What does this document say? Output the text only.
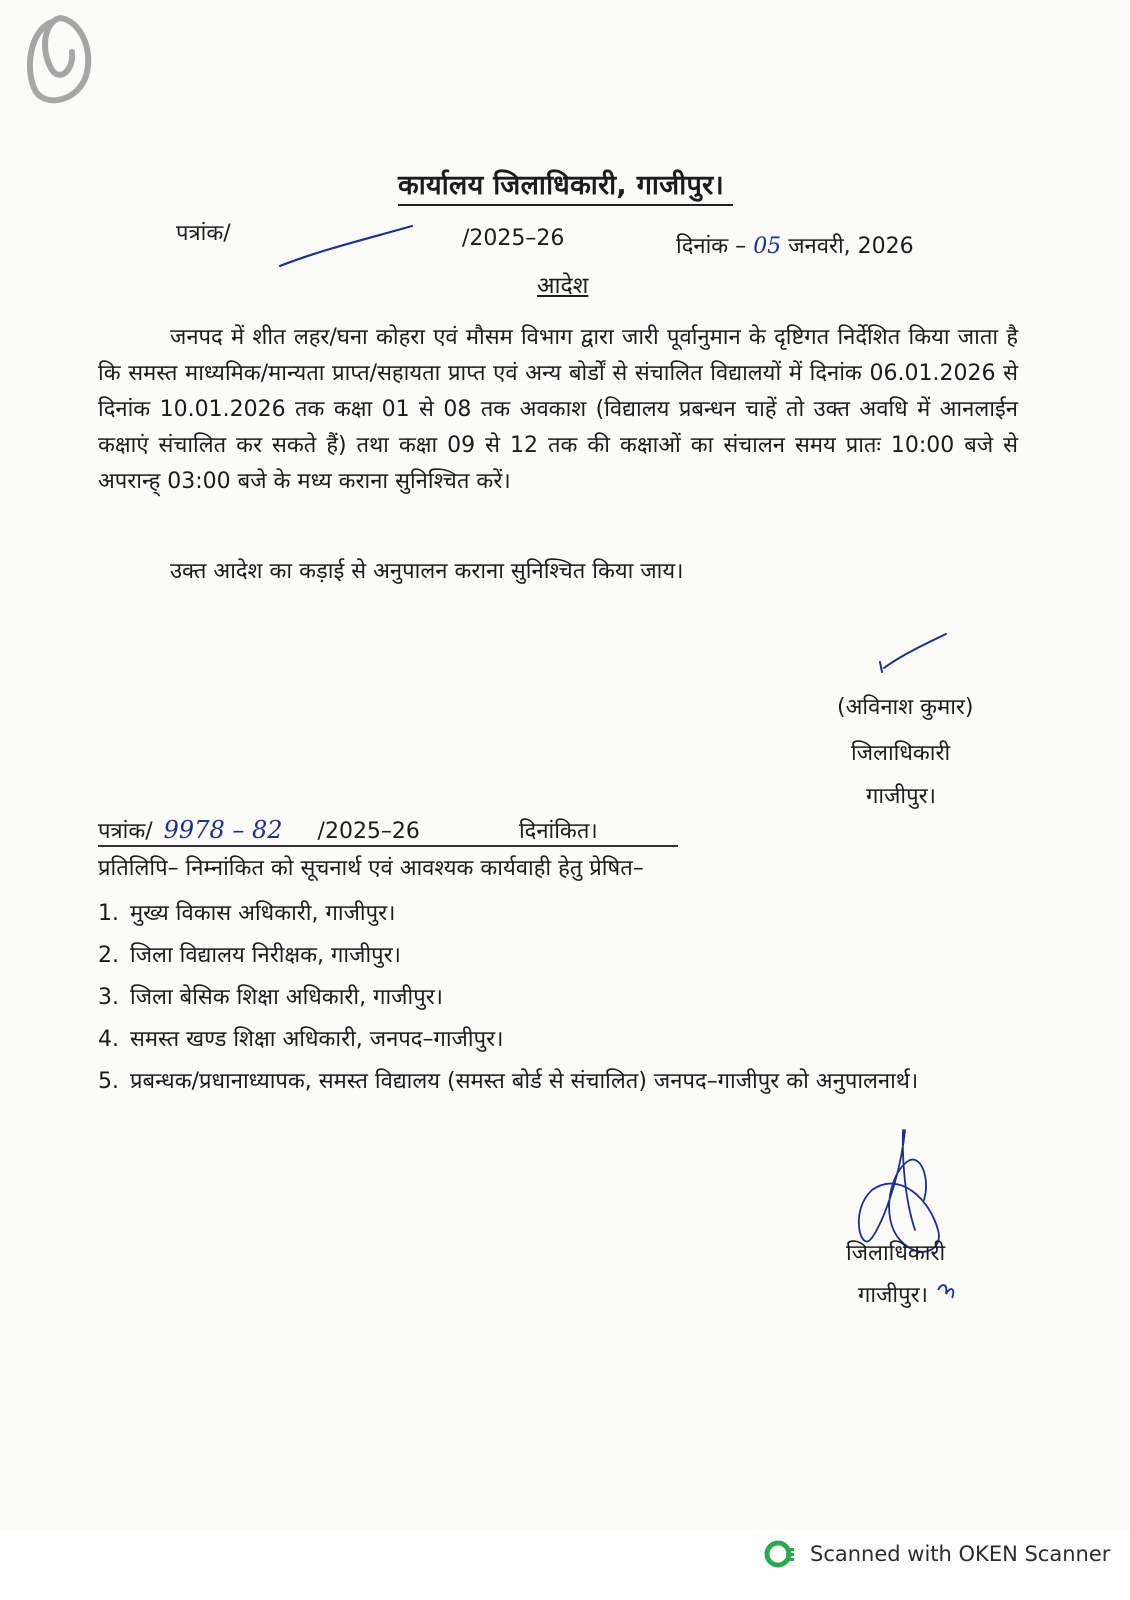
कार्यालय जिलाधिकारी, गाजीपुर।
पत्रांक/	/2025–26	दिनांक – 05 जनवरी, 2026
आदेश
जनपद में शीत लहर/घना कोहरा एवं मौसम विभाग द्वारा जारी पूर्वानुमान के दृष्टिगत निर्देशित किया जाता है कि समस्त माध्यमिक/मान्यता प्राप्त/सहायता प्राप्त एवं अन्य बोर्डों से संचालित विद्यालयों में दिनांक 06.01.2026 से दिनांक 10.01.2026 तक कक्षा 01 से 08 तक अवकाश (विद्यालय प्रबन्धन चाहें तो उक्त अवधि में आनलाईन कक्षाएं संचालित कर सकते हैं) तथा कक्षा 09 से 12 तक की कक्षाओं का संचालन समय प्रातः 10:00 बजे से अपरान्ह् 03:00 बजे के मध्य कराना सुनिश्चित करें।
उक्त आदेश का कड़ाई से अनुपालन कराना सुनिश्चित किया जाय।
(अविनाश कुमार)
जिलाधिकारी
गाजीपुर।
पत्रांक/ 9978 – 82 /2025–26	दिनांकित।
प्रतिलिपि– निम्नांकित को सूचनार्थ एवं आवश्यक कार्यवाही हेतु प्रेषित–
1. मुख्य विकास अधिकारी, गाजीपुर।
2. जिला विद्यालय निरीक्षक, गाजीपुर।
3. जिला बेसिक शिक्षा अधिकारी, गाजीपुर।
4. समस्त खण्ड शिक्षा अधिकारी, जनपद–गाजीपुर।
5. प्रबन्धक/प्रधानाध्यापक, समस्त विद्यालय (समस्त बोर्ड से संचालित) जनपद–गाजीपुर को अनुपालनार्थ।
जिलाधिकारी
गाजीपुर।
Scanned with OKEN Scanner
